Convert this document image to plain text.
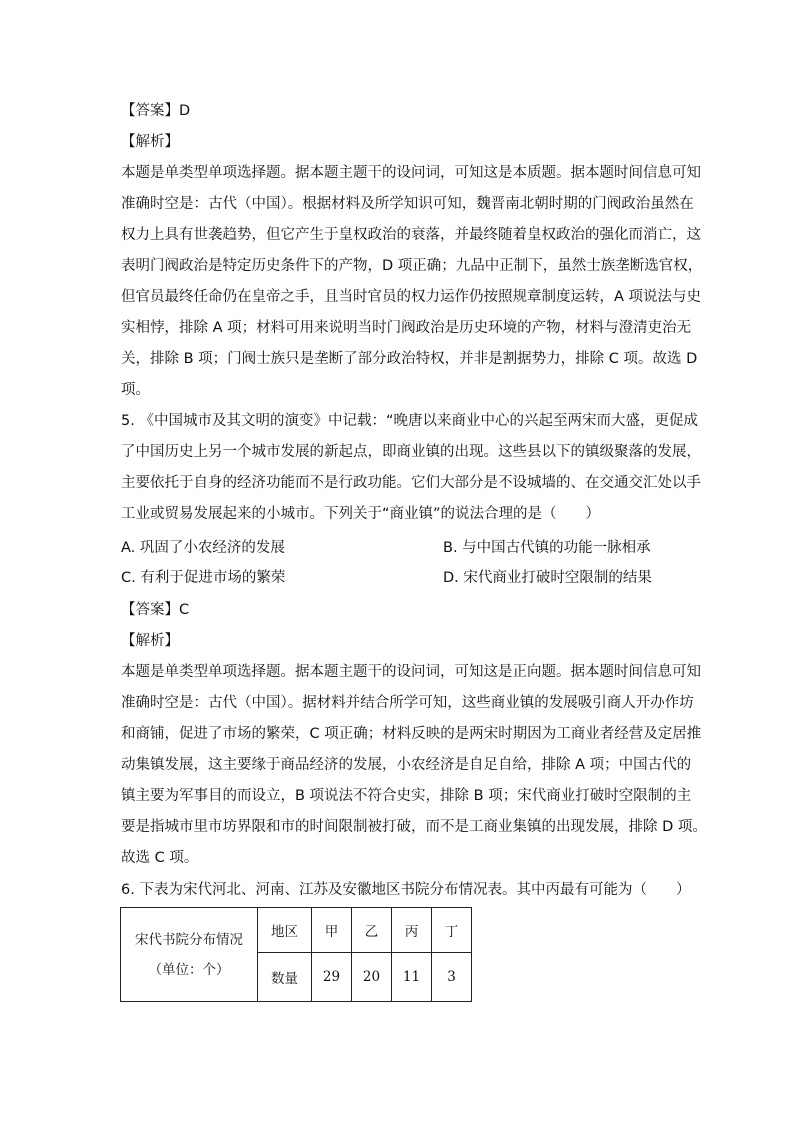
【答案】D
【解析】
本题是单类型单项选择题。据本题主题干的设问词，可知这是本质题。据本题时间信息可知
准确时空是：古代（中国）。根据材料及所学知识可知，魏晋南北朝时期的门阀政治虽然在
权力上具有世袭趋势，但它产生于皇权政治的衰落，并最终随着皇权政治的强化而消亡，这
表明门阀政治是特定历史条件下的产物，D 项正确；九品中正制下，虽然士族垄断选官权，
但官员最终任命仍在皇帝之手，且当时官员的权力运作仍按照规章制度运转，A 项说法与史
实相悖，排除 A 项；材料可用来说明当时门阀政治是历史环境的产物，材料与澄清吏治无
关，排除 B 项；门阀士族只是垄断了部分政治特权，并非是割据势力，排除 C 项。故选 D
项。
5. 《中国城市及其文明的演变》中记载：“晚唐以来商业中心的兴起至两宋而大盛，更促成
了中国历史上另一个城市发展的新起点，即商业镇的出现。这些县以下的镇级聚落的发展，
主要依托于自身的经济功能而不是行政功能。它们大部分是不设城墙的、在交通交汇处以手
工业或贸易发展起来的小城市。下列关于“商业镇”的说法合理的是（　　）
A. 巩固了小农经济的发展	B. 与中国古代镇的功能一脉相承
C. 有利于促进市场的繁荣	D. 宋代商业打破时空限制的结果
【答案】C
【解析】
本题是单类型单项选择题。据本题主题干的设问词，可知这是正向题。据本题时间信息可知
准确时空是：古代（中国）。据材料并结合所学可知，这些商业镇的发展吸引商人开办作坊
和商铺，促进了市场的繁荣，C 项正确；材料反映的是两宋时期因为工商业者经营及定居推
动集镇发展，这主要缘于商品经济的发展，小农经济是自足自给，排除 A 项；中国古代的
镇主要为军事目的而设立，B 项说法不符合史实，排除 B 项；宋代商业打破时空限制的主
要是指城市里市坊界限和市的时间限制被打破，而不是工商业集镇的出现发展，排除 D 项。
故选 C 项。
6. 下表为宋代河北、河南、江苏及安徽地区书院分布情况表。其中丙最有可能为（　　）
宋代书院分布情况
（单位：个）	地区	甲	乙	丙	丁
	数量	29	20	11	3
